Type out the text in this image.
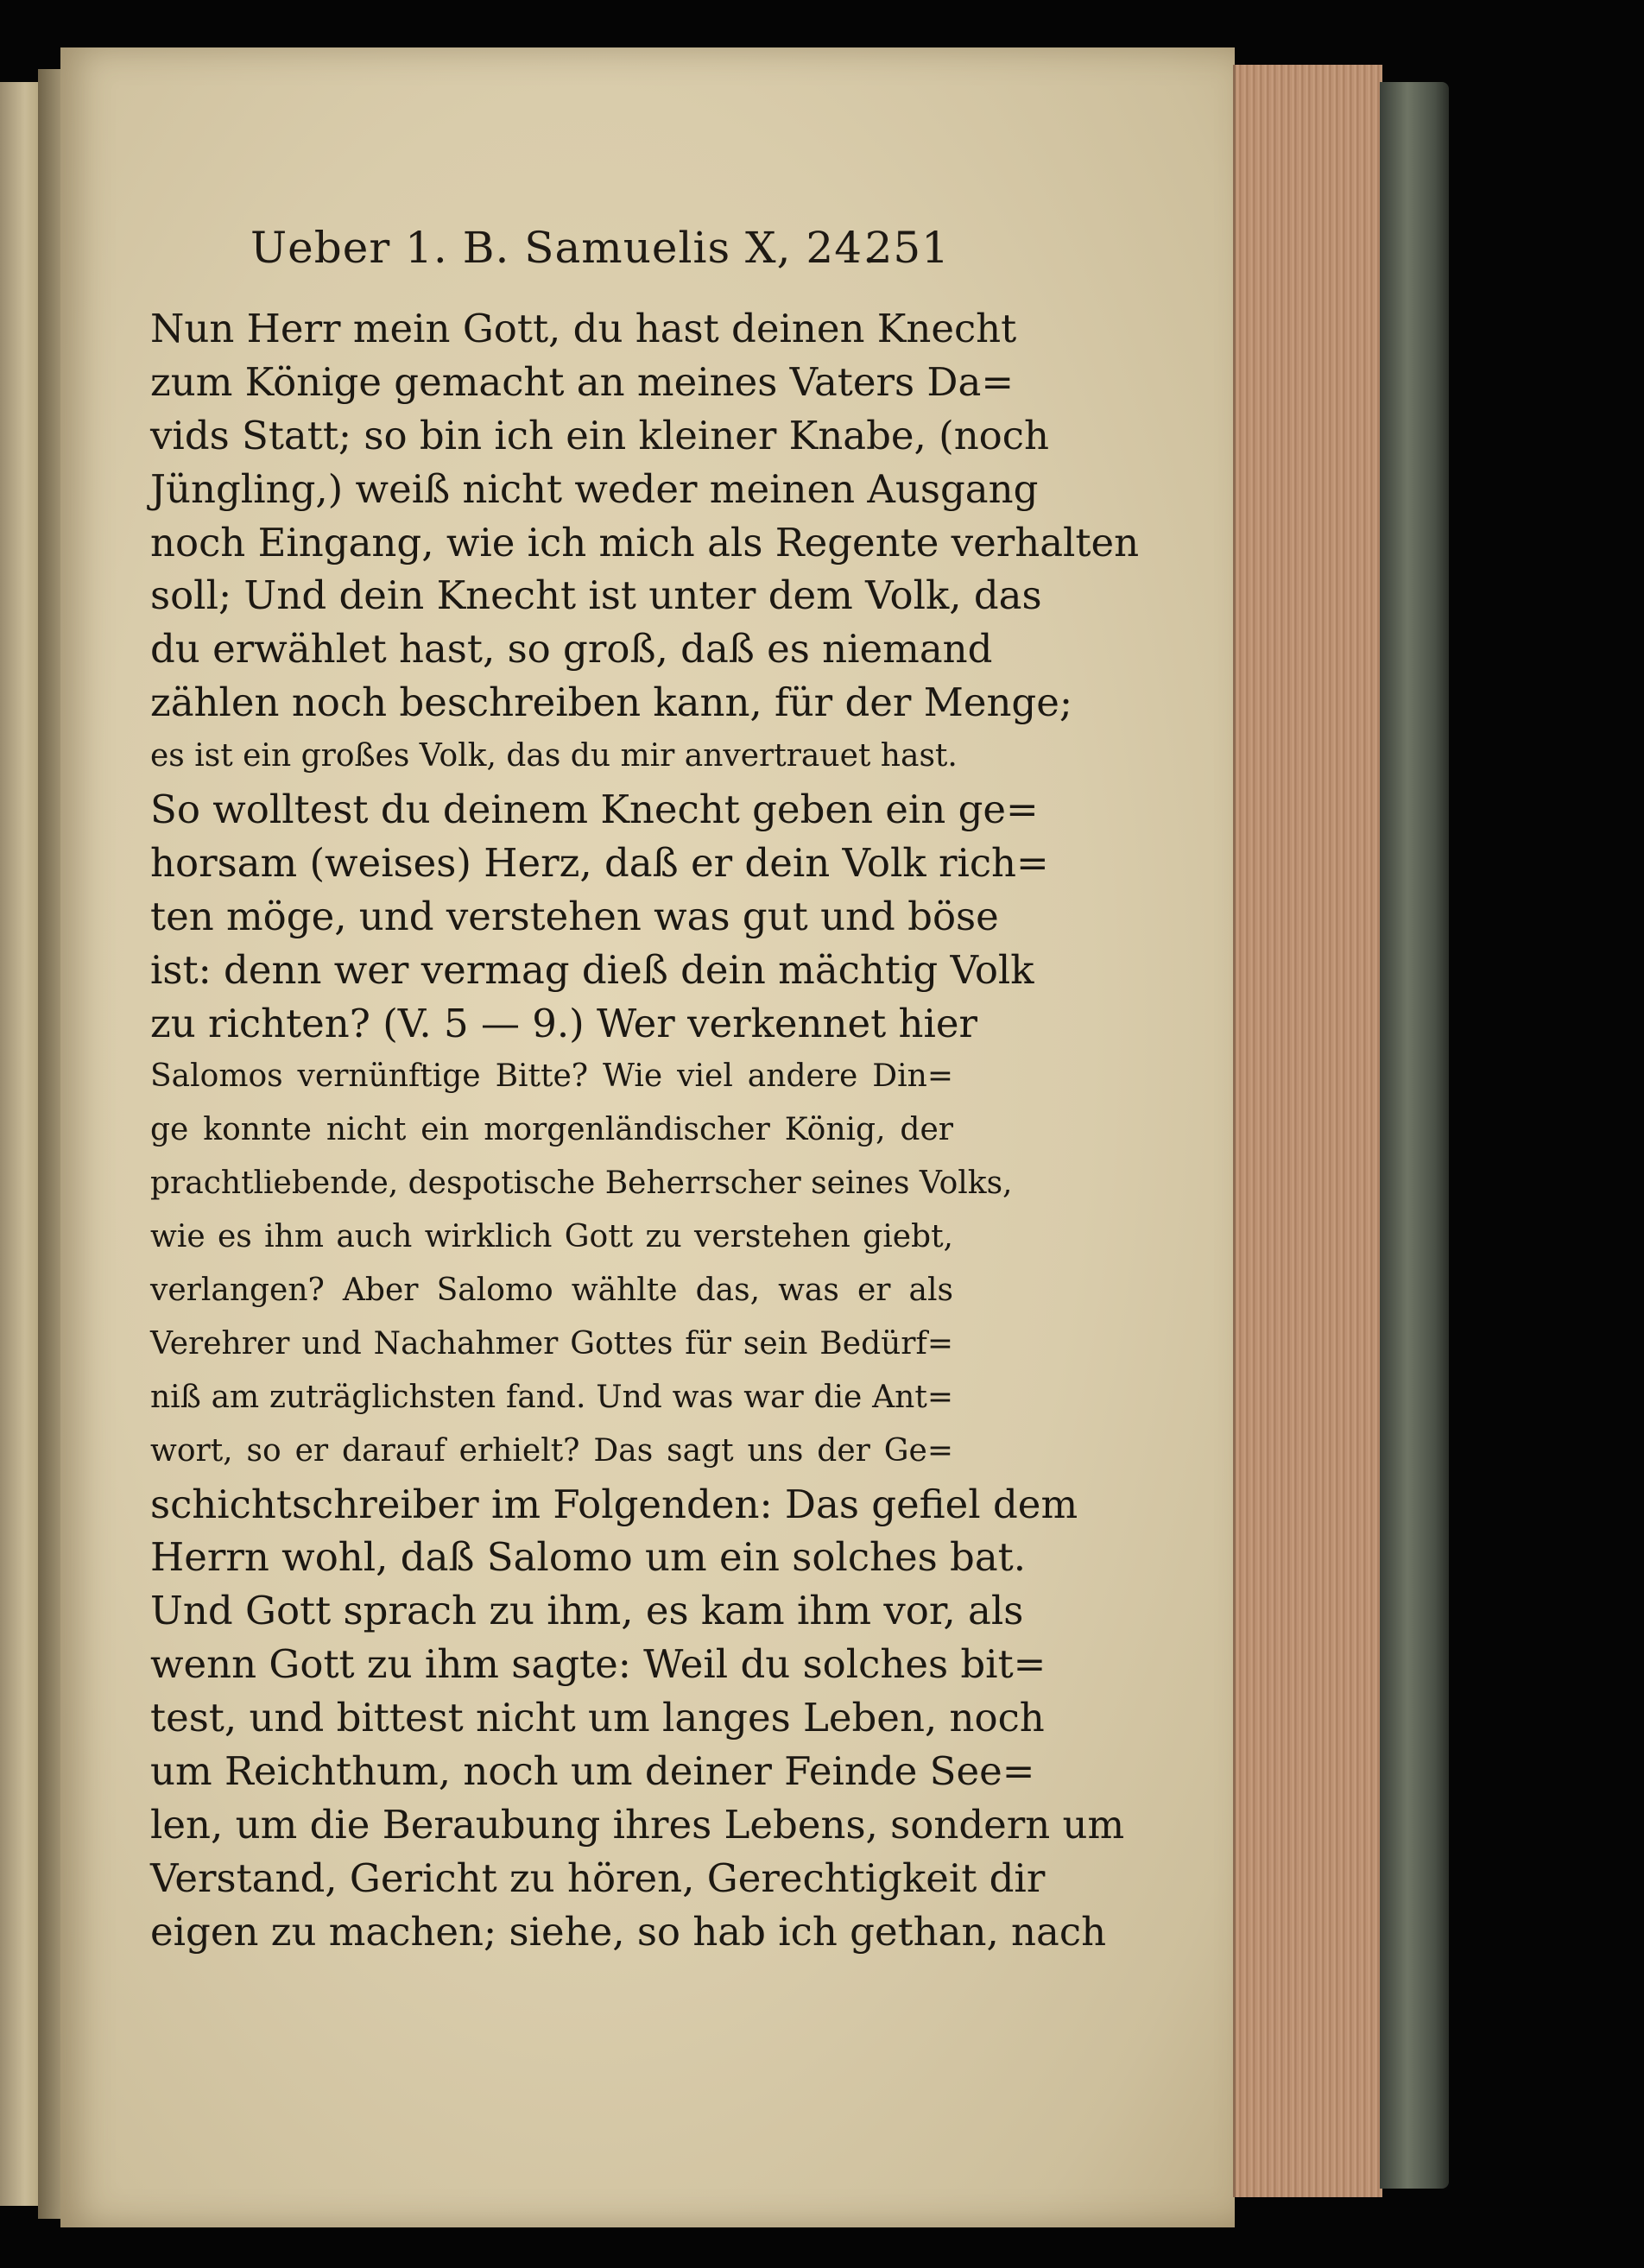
Ueber 1. B. Samuelis X, 24.
251
Nun Herr mein Gott, du hast deinen Knecht
zum Könige gemacht an meines Vaters Da=
vids Statt; so bin ich ein kleiner Knabe, (noch
Jüngling,) weiß nicht weder meinen Ausgang
noch Eingang, wie ich mich als Regente verhalten
soll; Und dein Knecht ist unter dem Volk, das
du erwählet hast, so groß, daß es niemand
zählen noch beschreiben kann, für der Menge;
es ist ein großes Volk, das du mir anvertrauet hast.
So wolltest du deinem Knecht geben ein ge=
horsam (weises) Herz, daß er dein Volk rich=
ten möge, und verstehen was gut und böse
ist: denn wer vermag dieß dein mächtig Volk
zu richten? (V. 5 — 9.) Wer verkennet hier
Salomos vernünftige Bitte? Wie viel andere Din=
ge konnte nicht ein morgenländischer König, der
prachtliebende, despotische Beherrscher seines Volks,
wie es ihm auch wirklich Gott zu verstehen giebt,
verlangen? Aber Salomo wählte das, was er als
Verehrer und Nachahmer Gottes für sein Bedürf=
niß am zuträglichsten fand. Und was war die Ant=
wort, so er darauf erhielt? Das sagt uns der Ge=
schichtschreiber im Folgenden: Das gefiel dem
Herrn wohl, daß Salomo um ein solches bat.
Und Gott sprach zu ihm, es kam ihm vor, als
wenn Gott zu ihm sagte: Weil du solches bit=
test, und bittest nicht um langes Leben, noch
um Reichthum, noch um deiner Feinde See=
len, um die Beraubung ihres Lebens, sondern um
Verstand, Gericht zu hören, Gerechtigkeit dir
eigen zu machen; siehe, so hab ich gethan, nach
